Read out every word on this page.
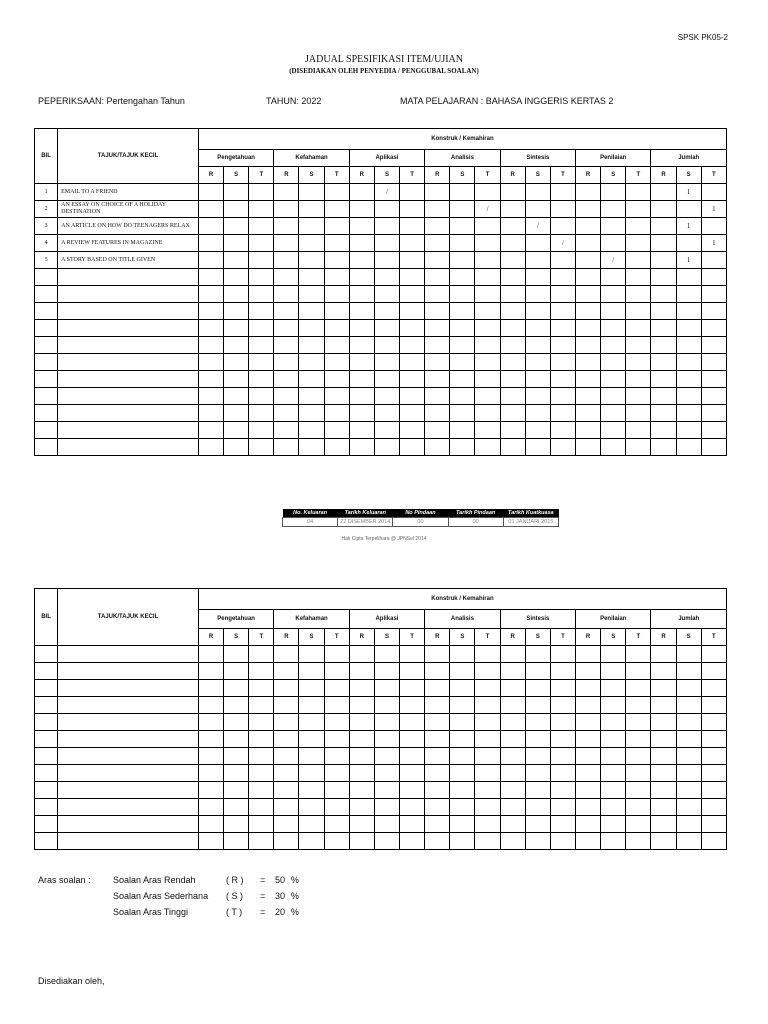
SPSK PK05-2
JADUAL SPESIFIKASI ITEM/UJIAN
(DISEDIAKAN OLEH PENYEDIA / PENGGUBAL SOALAN)
PEPERIKSAAN: Pertengahan Tahun	TAHUN: 2022	MATA PELAJARAN : BAHASA INGGERIS KERTAS 2
BIL	TAJUK/TAJUK KECIL	Konstruk / Kemahiran																				
		Pengetahuan			Kefahaman			Aplikasi			Analisis			Sintesis			Penilaian			Jumlah		
		R	S	T	R	S	T	R	S	T	R	S	T	R	S	T	R	S	T	R	S	T
1	EMAIL TO A FRIEND								/												1	
2	AN ESSAY ON CHOICE OF A HOLIDAY DESTINATION												/									1
3	AN ARTICLE ON HOW DO TEENAGERS RELAX														/						1	
4	A REVIEW FEATURES IN MAGAZINE															/						1
5	A STORY BASED ON TITLE GIVEN																	/			1	

BIL	TAJUK/TAJUK KECIL	Konstruk / Kemahiran																				
		Pengetahuan			Kefahaman			Aplikasi			Analisis			Sintesis			Penilaian			Jumlah		
		R	S	T	R	S	T	R	S	T	R	S	T	R	S	T	R	S	T	R	S	T

No. Keluaran	Tarikh Keluaran	No Pindaan	Tarikh Pindaan	Tarikh Kuatkuasa
04	22 DISEMBER 2014	00	00	01 JANUARI 2015
Hak Cipta Terpelihara @ JPNSel 2014
Aras soalan : Soalan Aras Rendah	( R ) = 50 %
Soalan Aras Sederhana ( S ) = 30 %
Soalan Aras Tinggi	( T ) = 20 %
Disediakan oleh,
